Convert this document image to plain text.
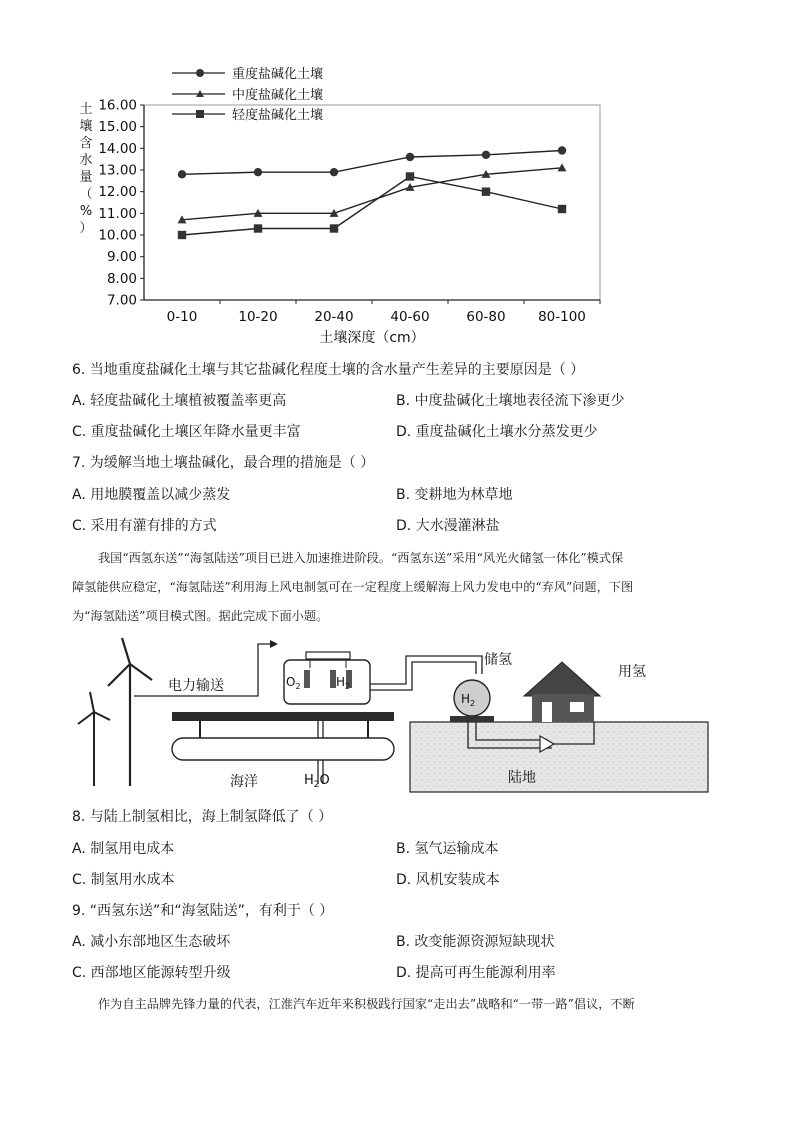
重度盐碱化土壤
中度盐碱化土壤
轻度盐碱化土壤
土壤含水量（%）
7.00
8.00
9.00
10.00
11.00
12.00
13.00
14.00
15.00
16.00
0-10	10-20	20-40	40-60	60-80 80-100
土壤深度（cm）
6. 当地重度盐碱化土壤与其它盐碱化程度土壤的含水量产生差异的主要原因是（ ）
A. 轻度盐碱化土壤植被覆盖率更高	B. 中度盐碱化土壤地表径流下渗更少
C. 重度盐碱化土壤区年降水量更丰富	D. 重度盐碱化土壤水分蒸发更少
7. 为缓解当地土壤盐碱化，最合理的措施是（ ）
A. 用地膜覆盖以减少蒸发	B. 变耕地为林草地
C. 采用有灌有排的方式	D. 大水漫灌淋盐
我国“西氢东送”“海氢陆送”项目已进入加速推进阶段。“西氢东送”采用“风光火储氢一体化”模式保
障氢能供应稳定，“海氢陆送”利用海上风电制氢可在一定程度上缓解海上风力发电中的“弃风”问题，下图
为“海氢陆送”项目模式图。据此完成下面小题。
电力输送
海洋	$H_2O$
$O_2$	$H_2$
陆地
$H_2$
储氢
用氢
8. 与陆上制氢相比，海上制氢降低了（ ）
A. 制氢用电成本	B. 氢气运输成本
C. 制氢用水成本	D. 风机安装成本
9. “西氢东送”和“海氢陆送”，有利于（ ）
A. 减小东部地区生态破坏	B. 改变能源资源短缺现状
C. 西部地区能源转型升级	D. 提高可再生能源利用率
作为自主品牌先锋力量的代表，江淮汽车近年来积极践行国家“走出去”战略和“一带一路”倡议，不断
